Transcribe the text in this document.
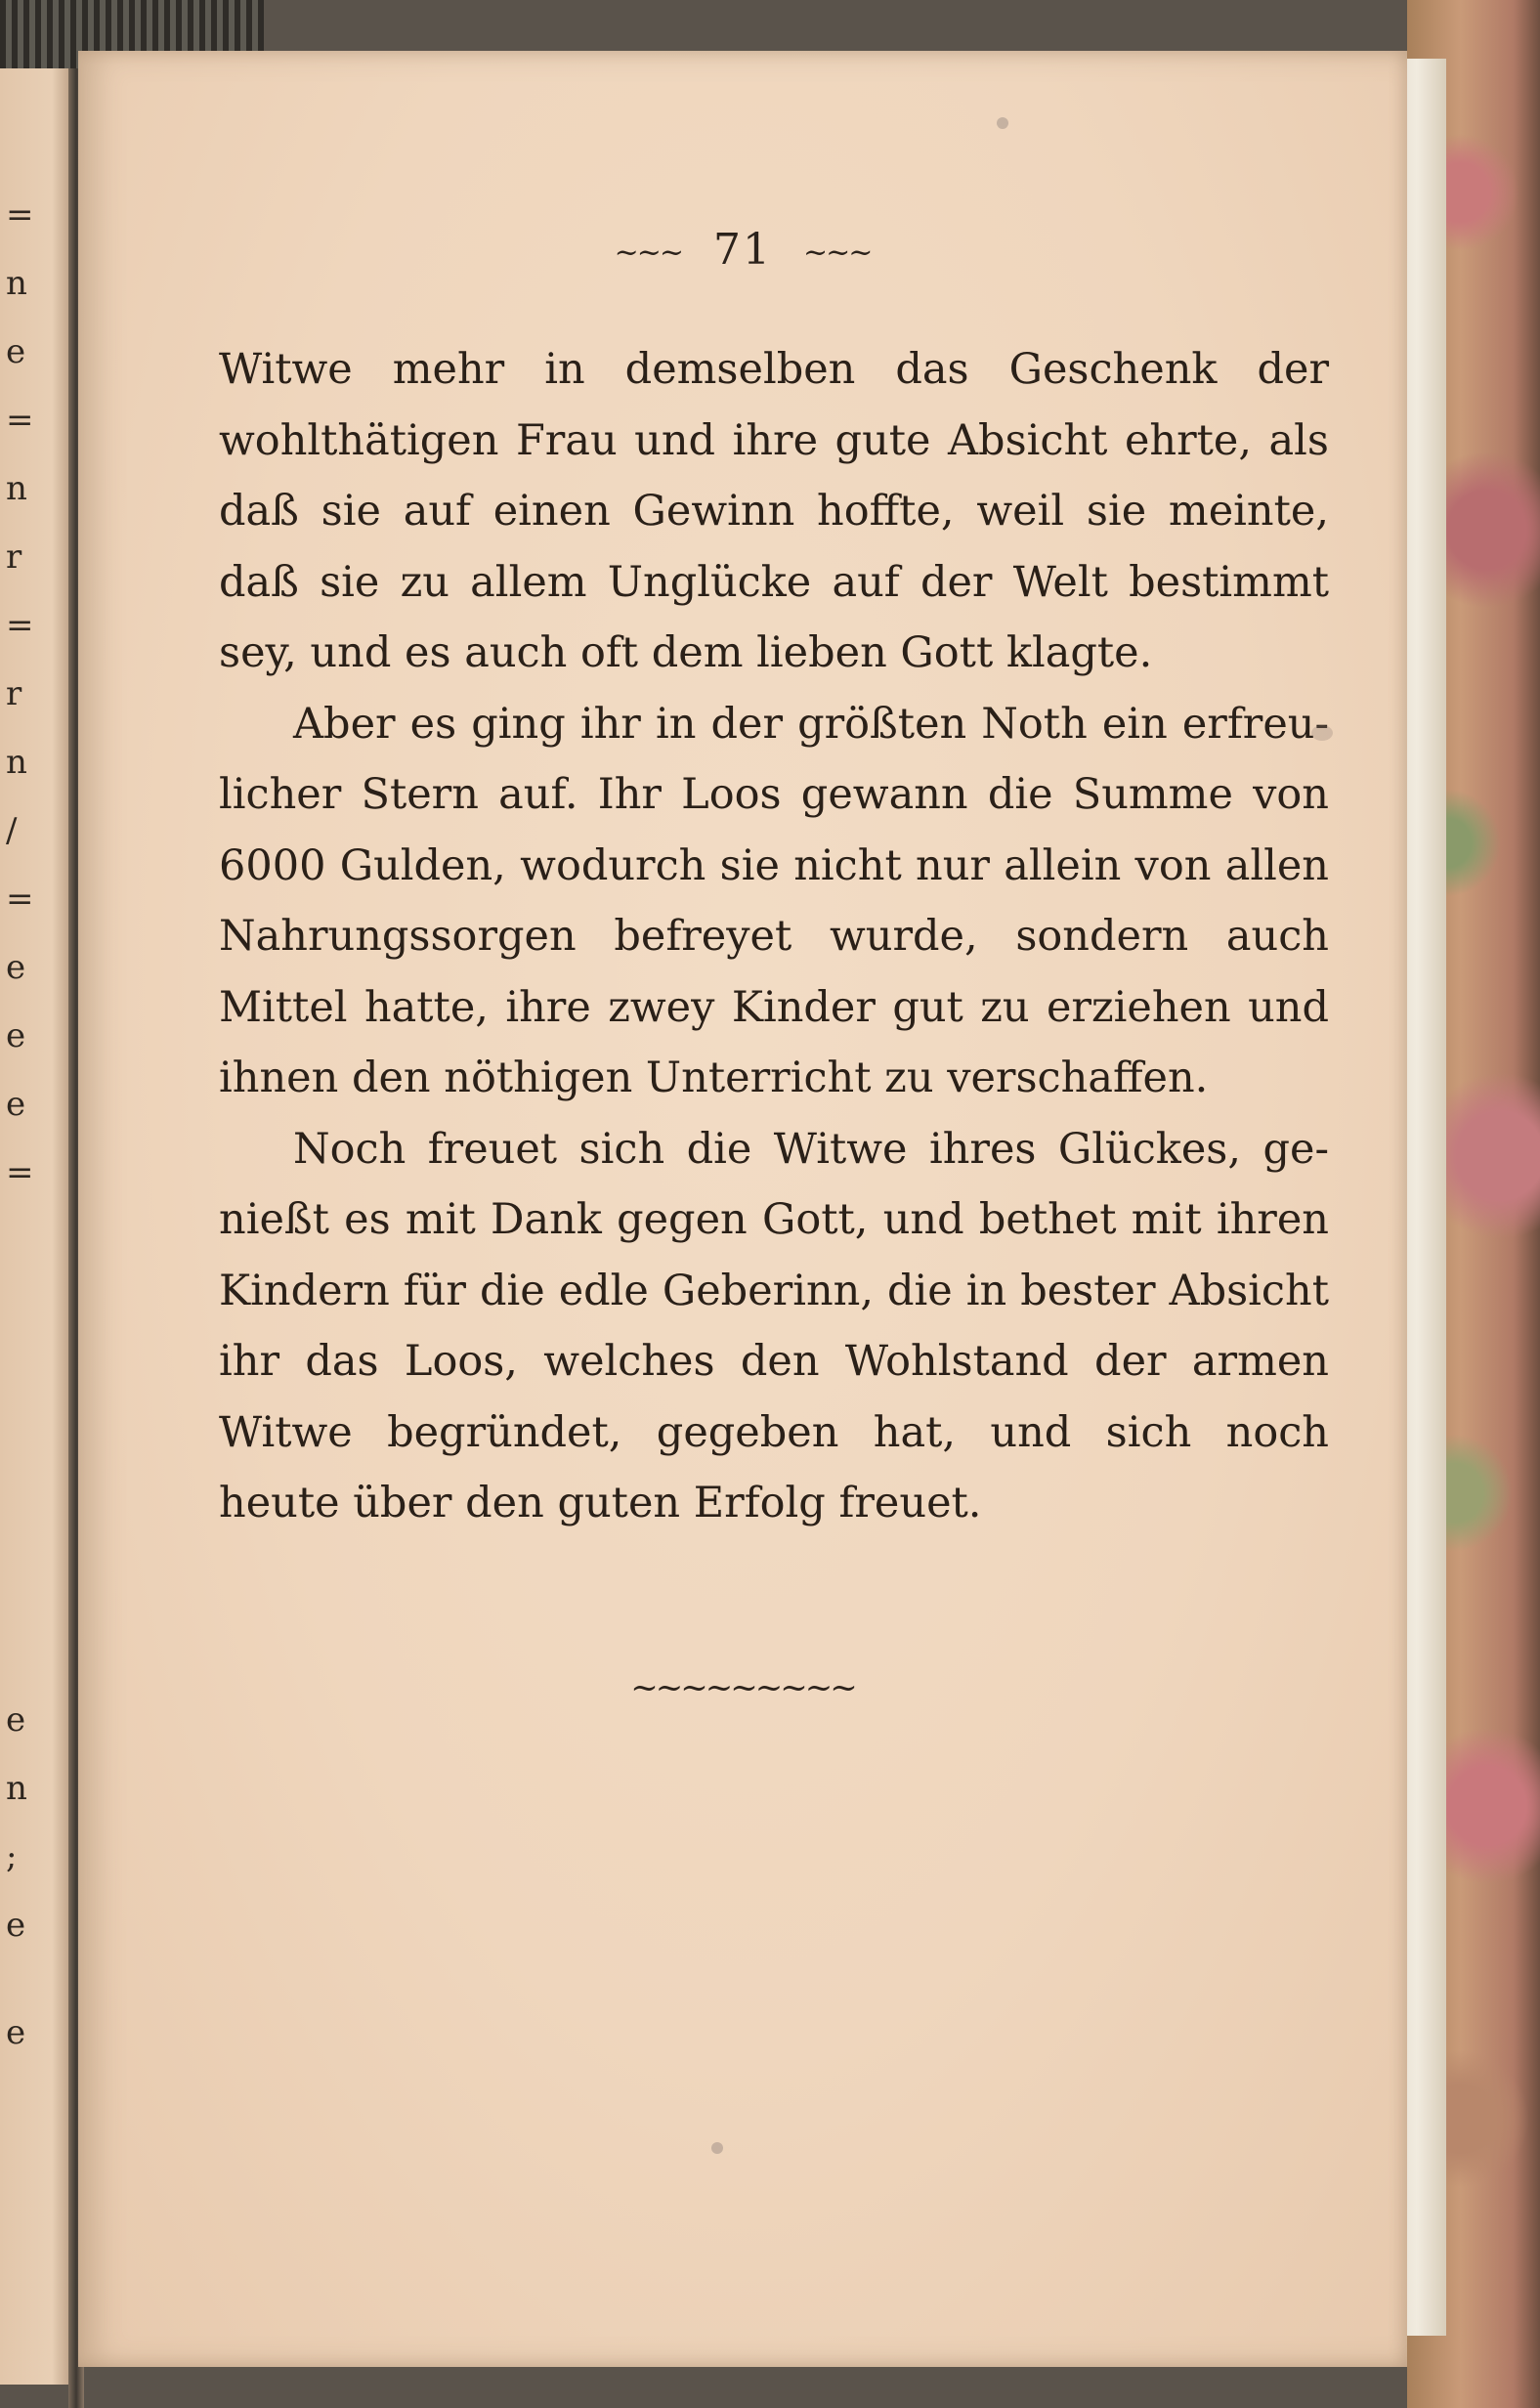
=
n
e
=
n
r
=
r
n
/
=
e
e
e
=
e
n
;
e
e
~~~ 71 ~~~

Witwe mehr in demselben das Geschenk der wohlthätigen Frau und ihre gute Absicht ehrte, als daß sie auf einen Gewinn hoffte, weil sie meinte, daß sie zu allem Unglücke auf der Welt bestimmt sey, und es auch oft dem lieben Gott klagte.

Aber es ging ihr in der größten Noth ein erfreulicher Stern auf. Ihr Loos gewann die Summe von 6000 Gulden, wodurch sie nicht nur allein von allen Nahrungssorgen befreyet wurde, sondern auch Mittel hatte, ihre zwey Kinder gut zu erziehen und ihnen den nöthigen Unterricht zu verschaffen.

Noch freuet sich die Witwe ihres Glückes, genießt es mit Dank gegen Gott, und bethet mit ihren Kindern für die edle Geberinn, die in bester Absicht ihr das Loos, welches den Wohlstand der armen Witwe begründet, gegeben hat, und sich noch heute über den guten Erfolg freuet.

~~~~~~~~~
